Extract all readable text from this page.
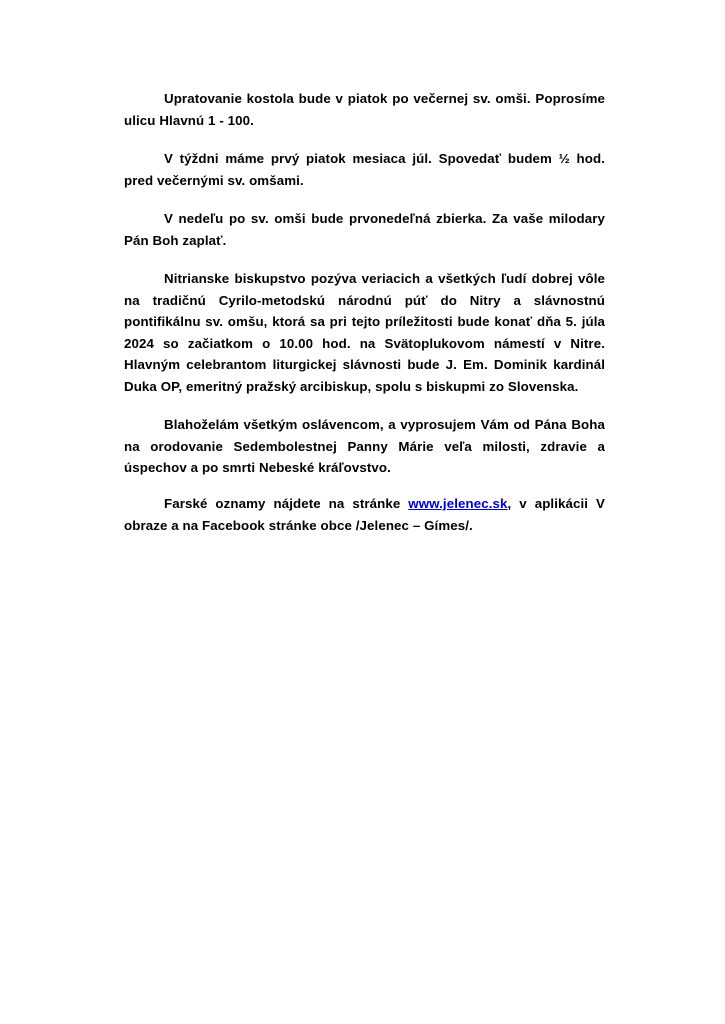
Upratovanie kostola bude v piatok po večernej sv. omši. Poprosíme ulicu Hlavnú 1 - 100.

V týždni máme prvý piatok mesiaca júl. Spovedať budem ½ hod. pred večernými sv. omšami.

V nedeľu po sv. omši bude prvonedeľná zbierka. Za vaše milodary Pán Boh zaplať.

Nitrianske biskupstvo pozýva veriacich a všetkých ľudí dobrej vôle na tradičnú Cyrilo-metodskú národnú púť do Nitry a slávnostnú pontifikálnu sv. omšu, ktorá sa pri tejto príležitosti bude konať dňa 5. júla 2024 so začiatkom o 10.00 hod. na Svätoplukovom námestí v Nitre. Hlavným celebrantom liturgickej slávnosti bude J. Em. Dominik kardinál Duka OP, emeritný pražský arcibiskup, spolu s biskupmi zo Slovenska.

Blahoželám všetkým oslávencom, a vyprosujem Vám od Pána Boha na orodovanie Sedembolestnej Panny Márie veľa milosti, zdravie a úspechov a po smrti Nebeské kráľovstvo.

Farské oznamy nájdete na stránke www.jelenec.sk, v aplikácii V obraze a na Facebook stránke obce /Jelenec – Gímes/.
